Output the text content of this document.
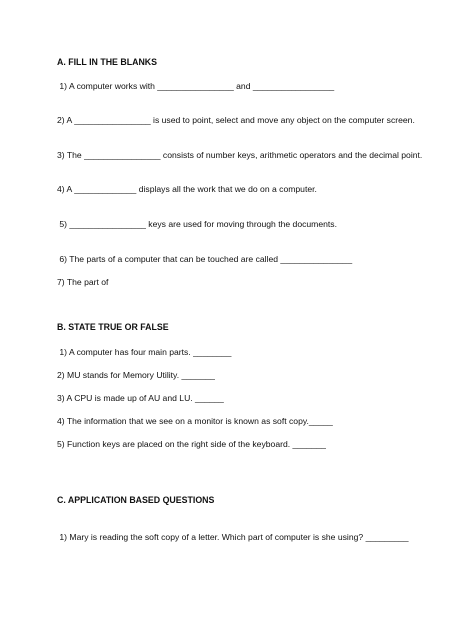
A. FILL IN THE BLANKS
1) A computer works with ________________ and _________________
2) A ________________ is used to point, select and move any object on the computer screen.
3) The ________________ consists of number keys, arithmetic operators and the decimal point.
4) A _____________ displays all the work that we do on a computer.
5) ________________ keys are used for moving through the documents.
6) The parts of a computer that can be touched are called _______________
7) The part of
B. STATE TRUE OR FALSE
1) A computer has four main parts. ________
2) MU stands for Memory Utility. _______
3) A CPU is made up of AU and LU. ______
4) The information that we see on a monitor is known as soft copy._____
5) Function keys are placed on the right side of the keyboard. _______
C. APPLICATION BASED QUESTIONS
1) Mary is reading the soft copy of a letter. Which part of computer is she using? _________
